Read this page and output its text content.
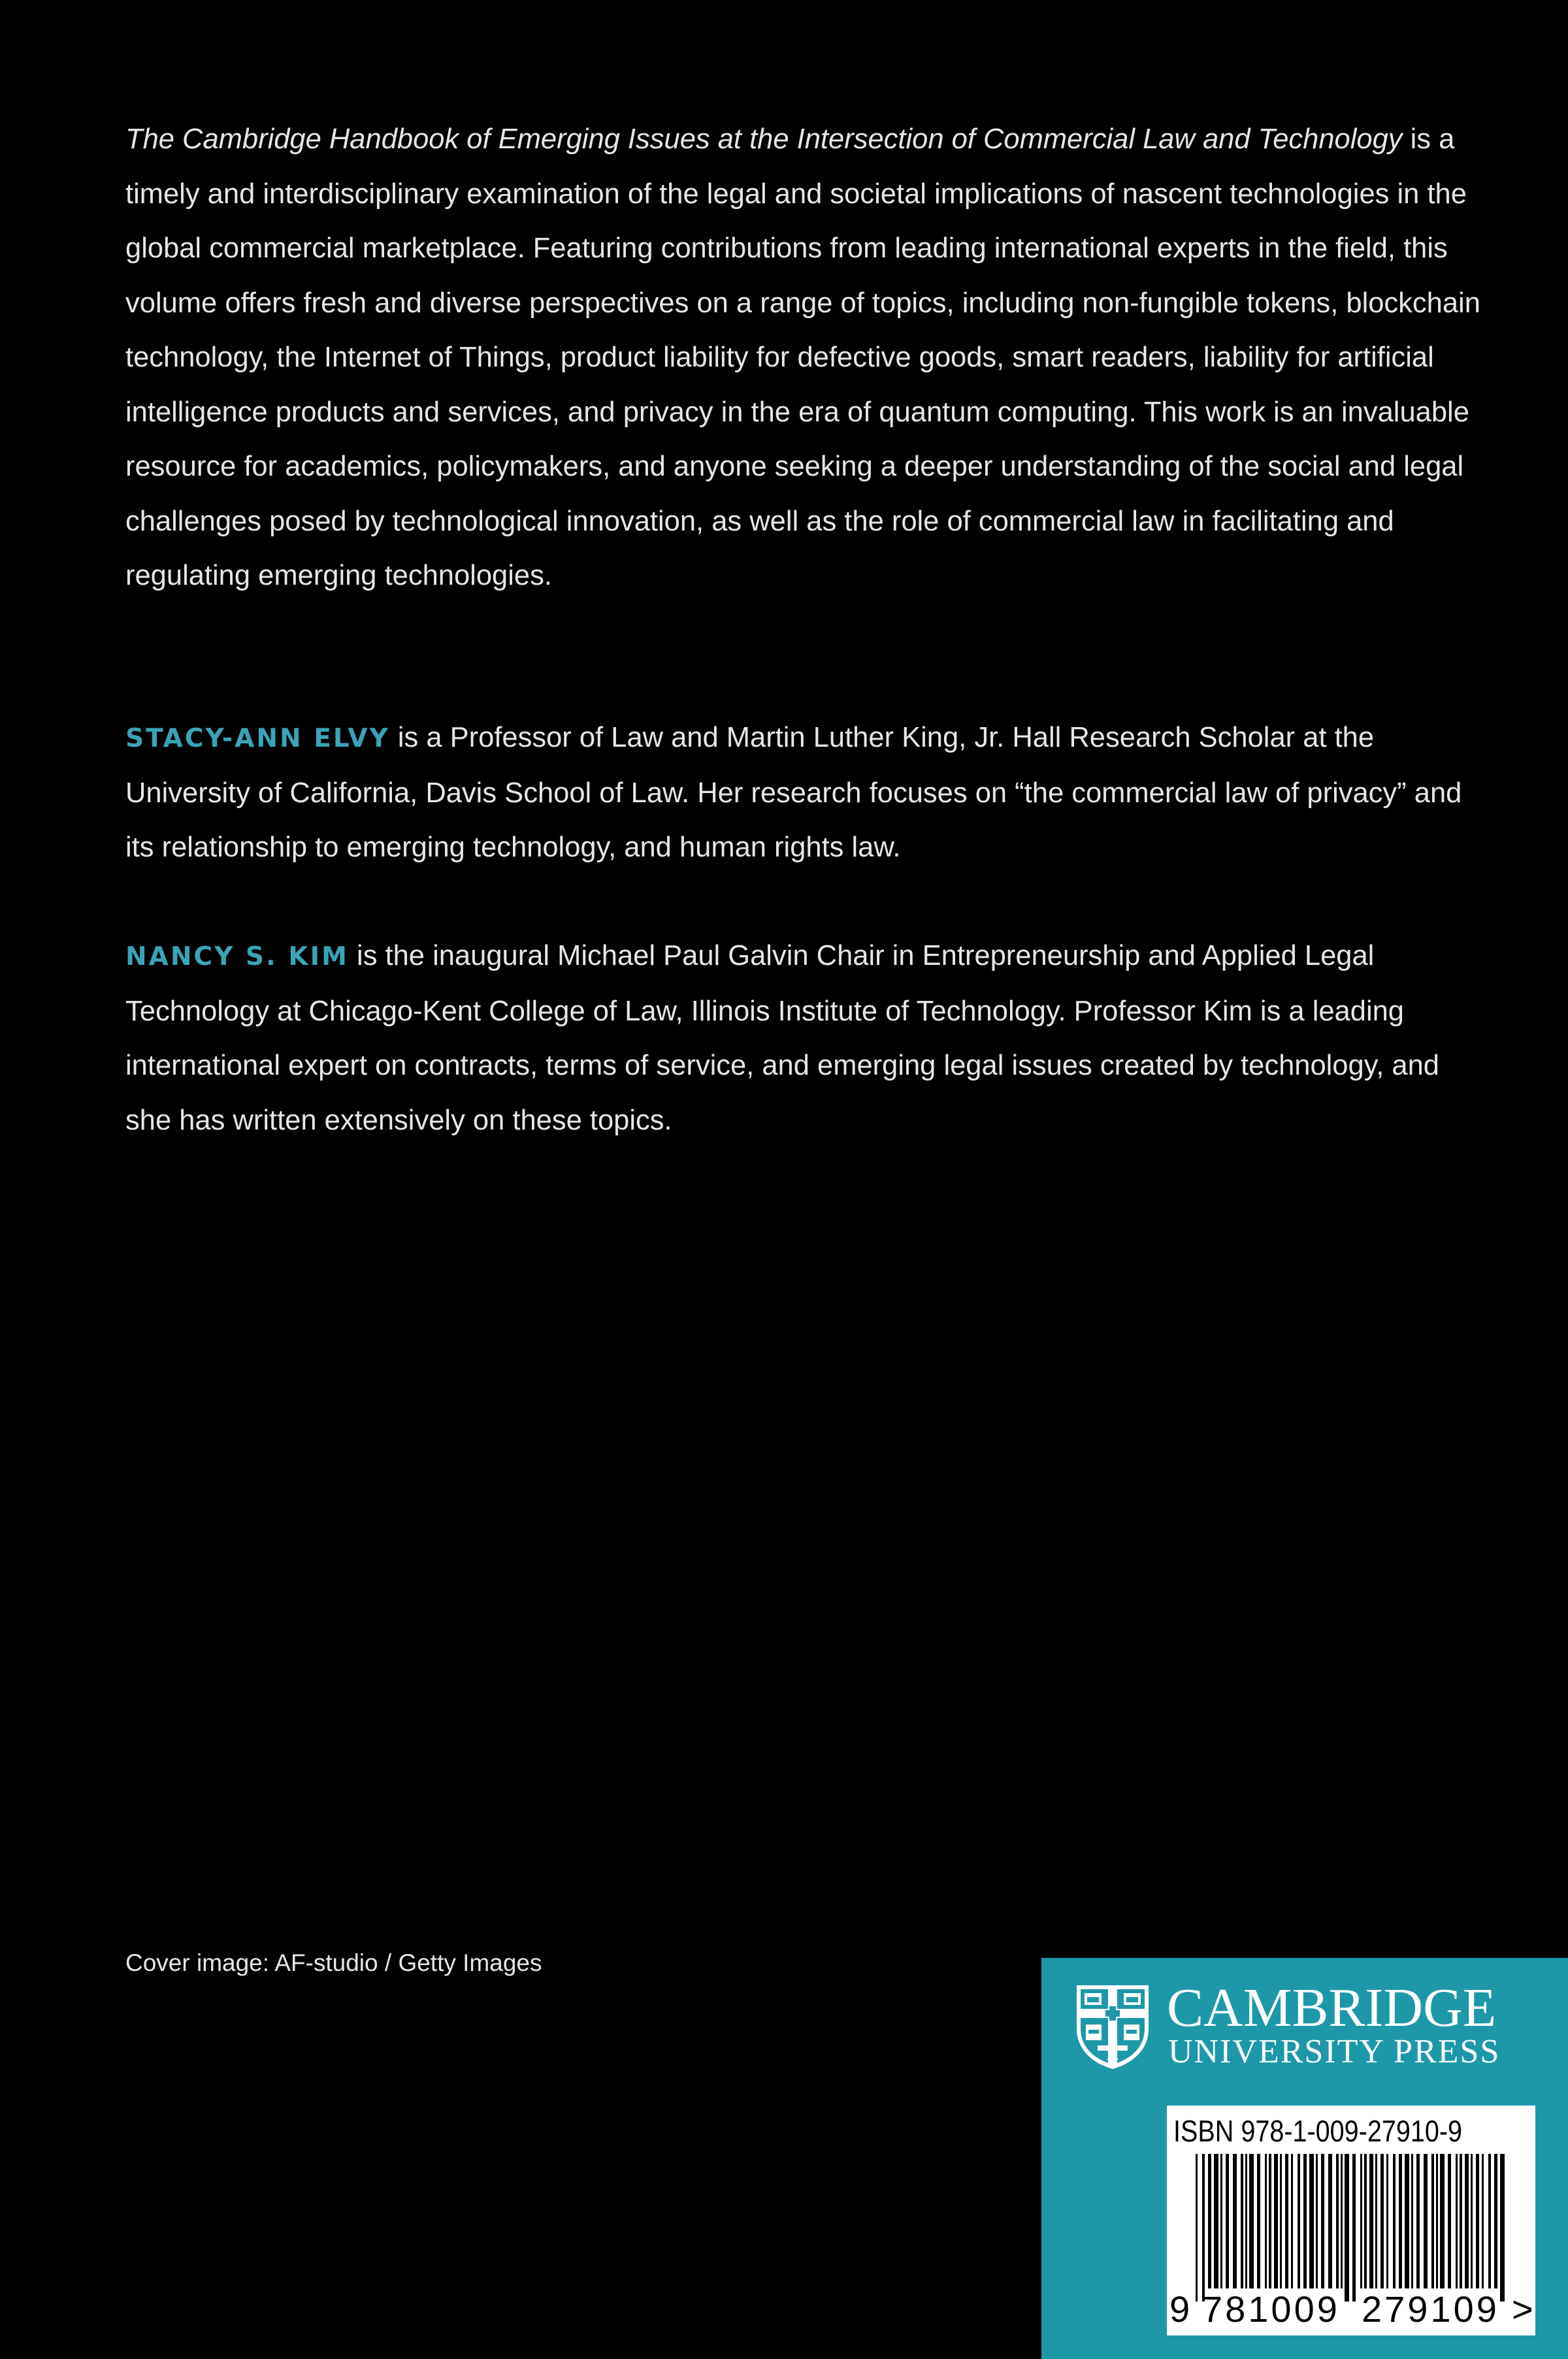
The Cambridge Handbook of Emerging Issues at the Intersection of Commercial Law and Technology is a timely and interdisciplinary examination of the legal and societal implications of nascent technologies in the global commercial marketplace. Featuring contributions from leading international experts in the field, this volume offers fresh and diverse perspectives on a range of topics, including non-fungible tokens, blockchain technology, the Internet of Things, product liability for defective goods, smart readers, liability for artificial intelligence products and services, and privacy in the era of quantum computing. This work is an invaluable resource for academics, policymakers, and anyone seeking a deeper understanding of the social and legal challenges posed by technological innovation, as well as the role of commercial law in facilitating and regulating emerging technologies.
STACY-ANN ELVY is a Professor of Law and Martin Luther King, Jr. Hall Research Scholar at the University of California, Davis School of Law. Her research focuses on “the commercial law of privacy” and its relationship to emerging technology, and human rights law.
NANCY S. KIM is the inaugural Michael Paul Galvin Chair in Entrepreneurship and Applied Legal Technology at Chicago-Kent College of Law, Illinois Institute of Technology. Professor Kim is a leading international expert on contracts, terms of service, and emerging legal issues created by technology, and she has written extensively on these topics.
Cover image: AF-studio / Getty Images
CAMBRIDGE
UNIVERSITY PRESS
ISBN 978-1-009-27910-9
9 781009 279109 >
